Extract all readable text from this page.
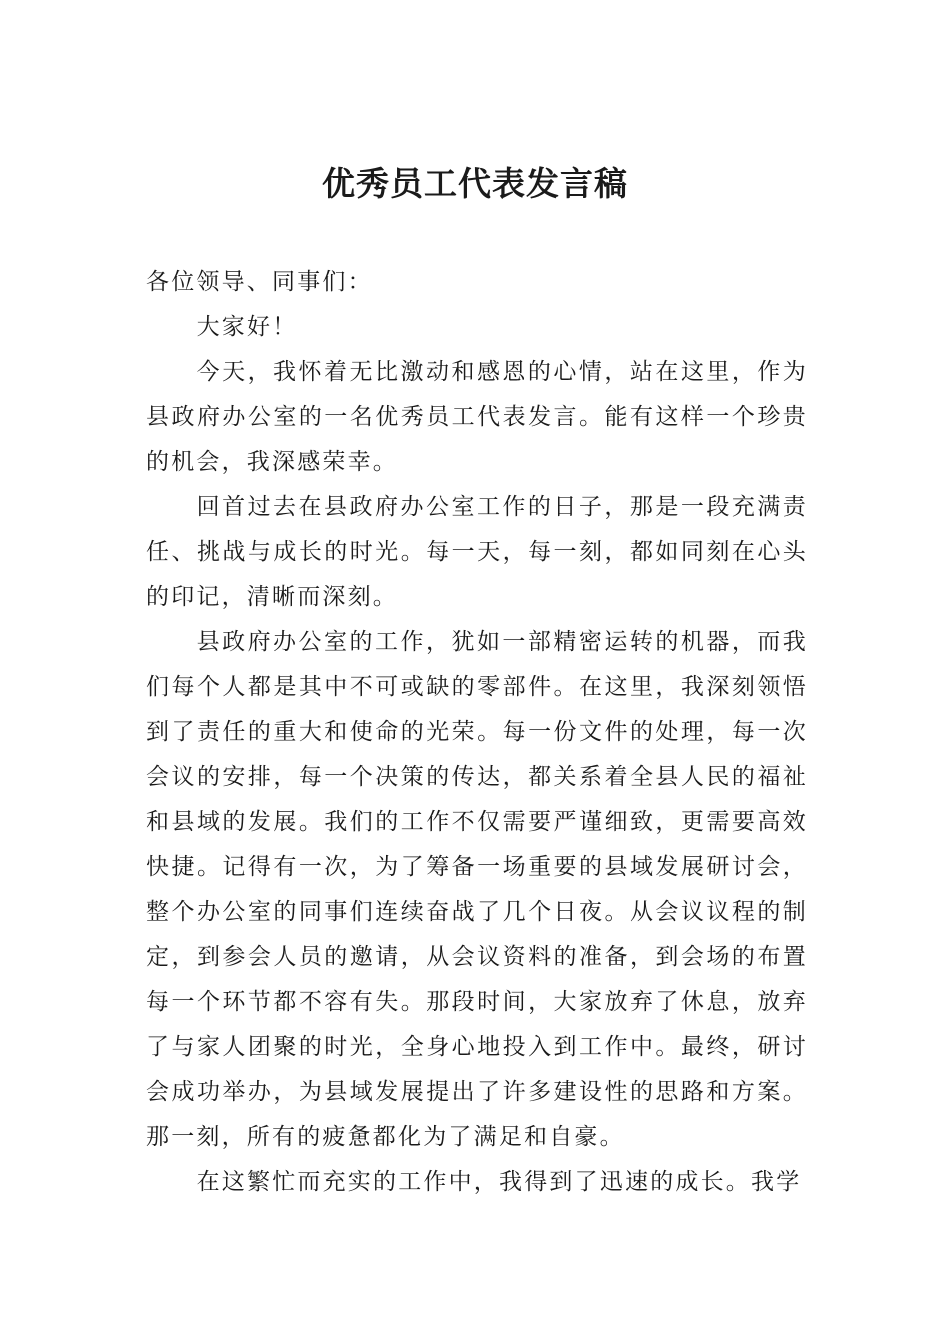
优秀员工代表发言稿

各位领导、同事们：

大家好！

今天，我怀着无比激动和感恩的心情，站在这里，作为县政府办公室的一名优秀员工代表发言。能有这样一个珍贵的机会，我深感荣幸。

回首过去在县政府办公室工作的日子，那是一段充满责任、挑战与成长的时光。每一天，每一刻，都如同刻在心头的印记，清晰而深刻。

县政府办公室的工作，犹如一部精密运转的机器，而我们每个人都是其中不可或缺的零部件。在这里，我深刻领悟到了责任的重大和使命的光荣。每一份文件的处理，每一次会议的安排，每一个决策的传达，都关系着全县人民的福祉和县域的发展。我们的工作不仅需要严谨细致，更需要高效快捷。记得有一次，为了筹备一场重要的县域发展研讨会，整个办公室的同事们连续奋战了几个日夜。从会议议程的制定，到参会人员的邀请，从会议资料的准备，到会场的布置每一个环节都不容有失。那段时间，大家放弃了休息，放弃了与家人团聚的时光，全身心地投入到工作中。最终，研讨会成功举办，为县域发展提出了许多建设性的思路和方案。那一刻，所有的疲惫都化为了满足和自豪。

在这繁忙而充实的工作中，我得到了迅速的成长。我学
